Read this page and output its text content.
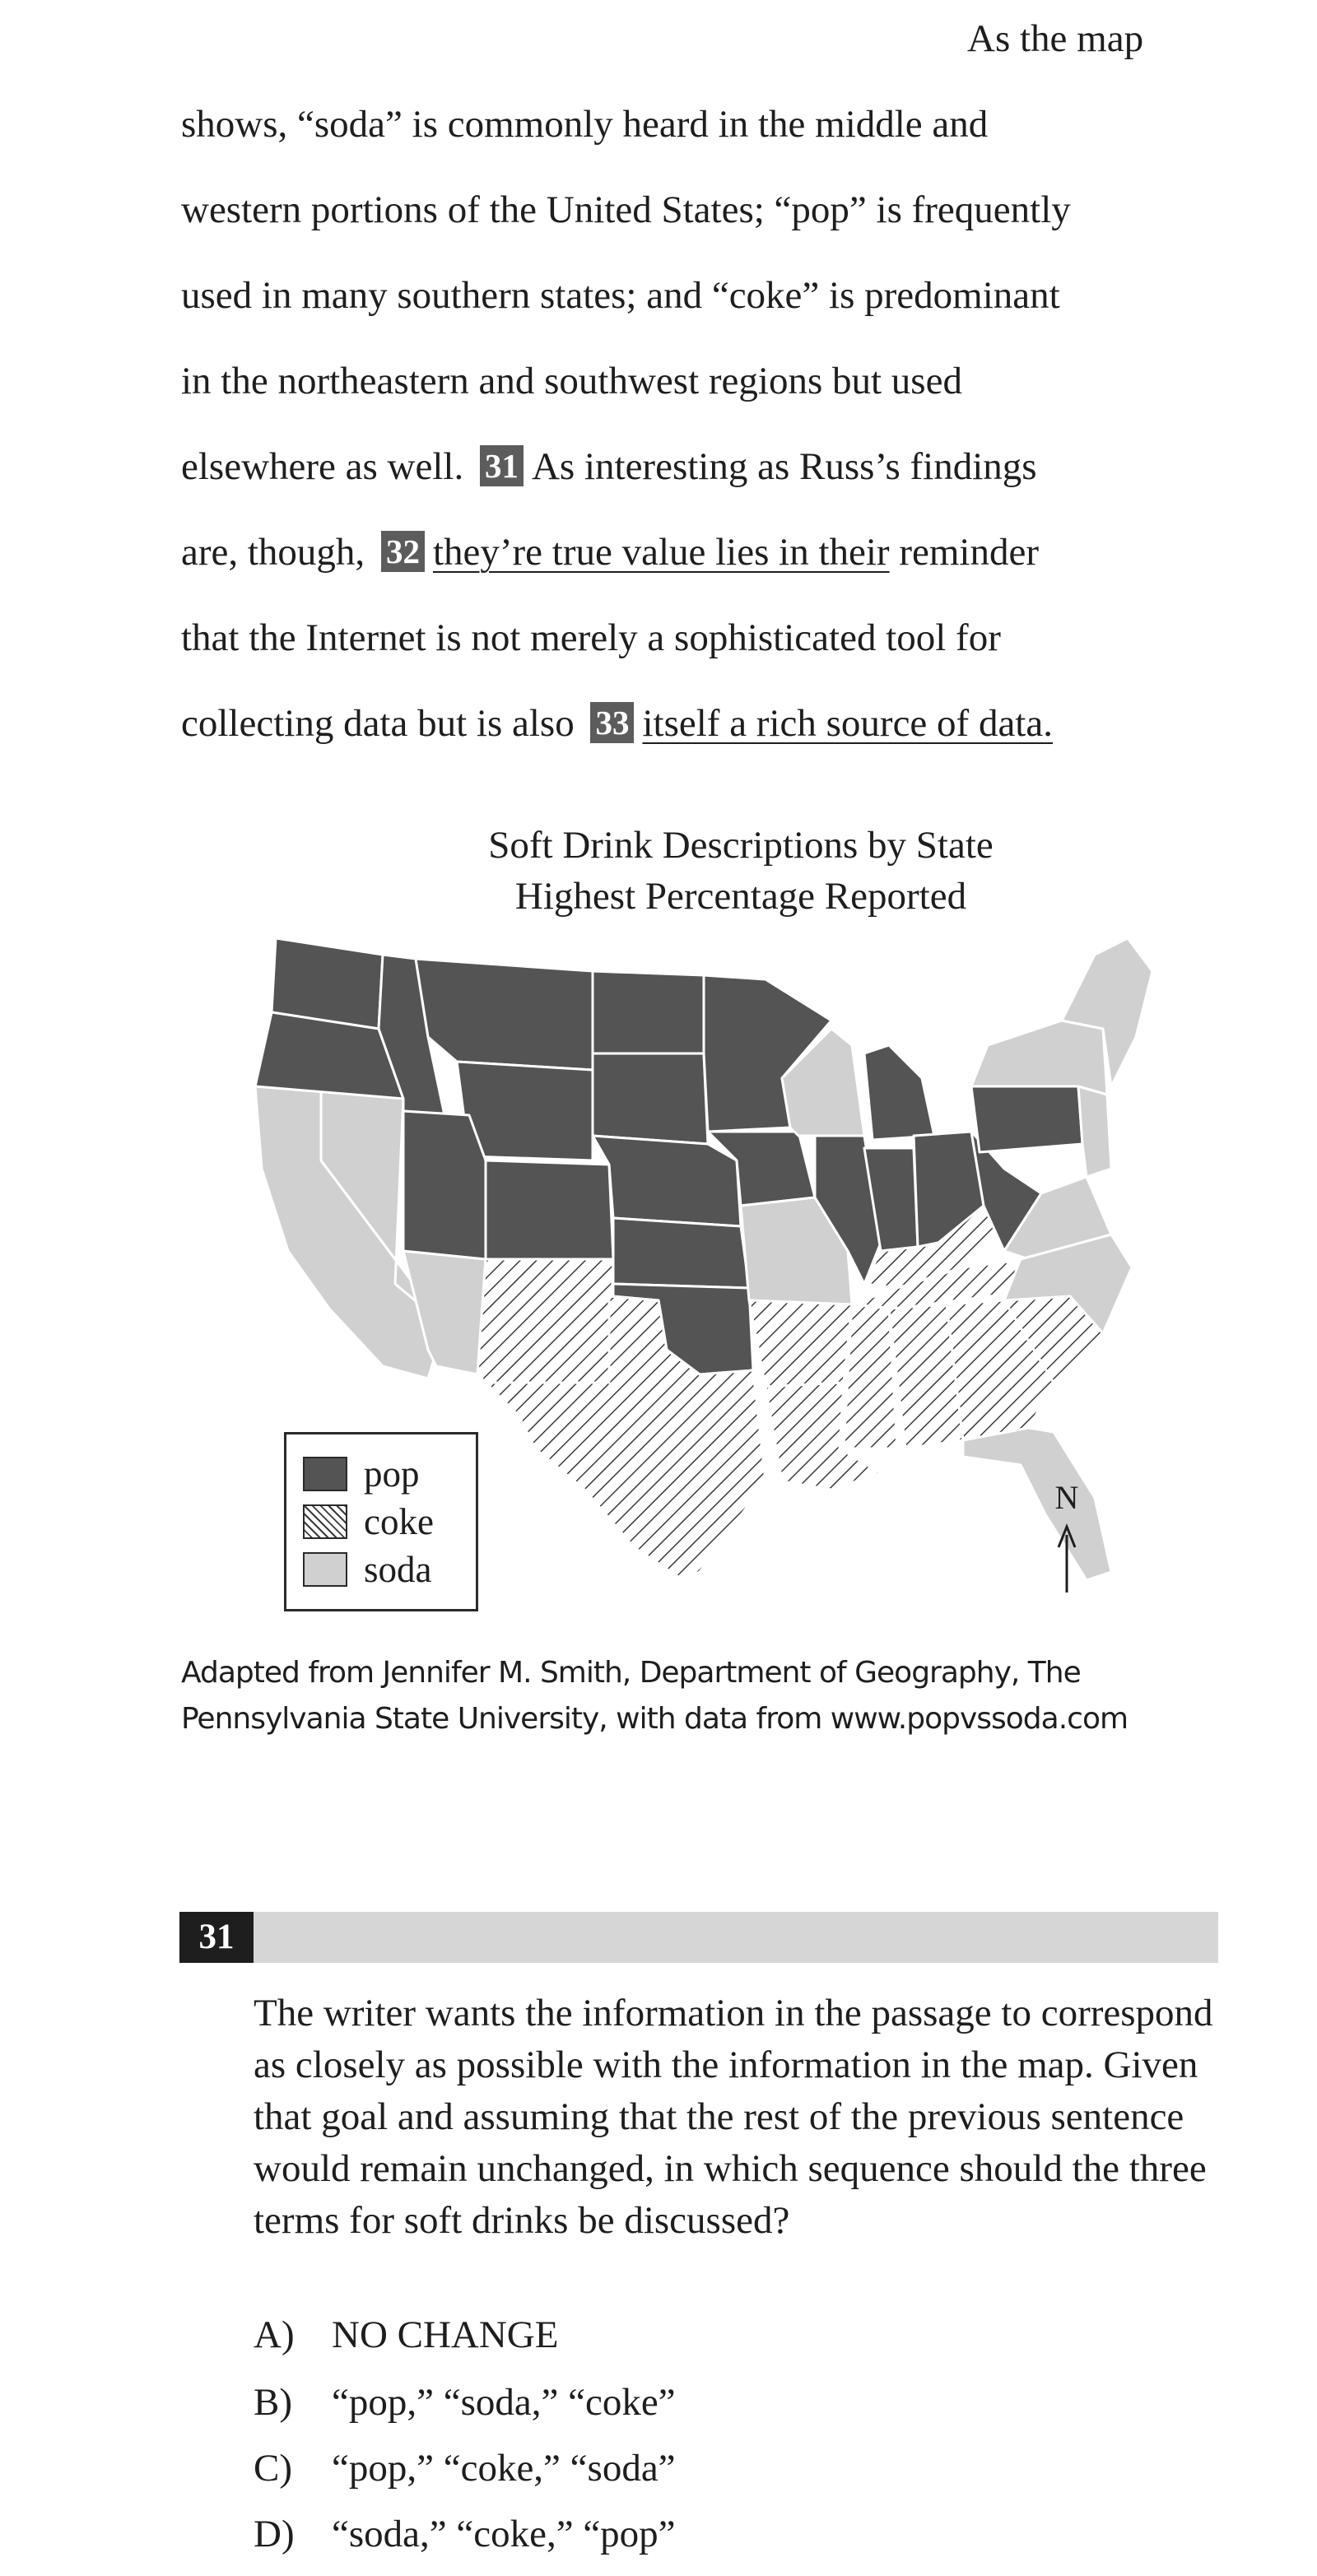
As the map
shows, “soda” is commonly heard in the middle and
western portions of the United States; “pop” is frequently
used in many southern states; and “coke” is predominant
in the northeastern and southwest regions but used
elsewhere as well. 31 As interesting as Russ’s findings
are, though, 32 they’re true value lies in their reminder
that the Internet is not merely a sophisticated tool for
collecting data but is also 33 itself a rich source of data.
Soft Drink Descriptions by State
Highest Percentage Reported
N
pop
coke
soda
Adapted from Jennifer M. Smith, Department of Geography, The
Pennsylvania State University, with data from www.popvssoda.com
31
The writer wants the information in the passage to correspond as closely as possible with the information in the map. Given that goal and assuming that the rest of the previous sentence would remain unchanged, in which sequence should the three terms for soft drinks be discussed?
A) NO CHANGE
B) “pop,” “soda,” “coke”
C) “pop,” “coke,” “soda”
D) “soda,” “coke,” “pop”
